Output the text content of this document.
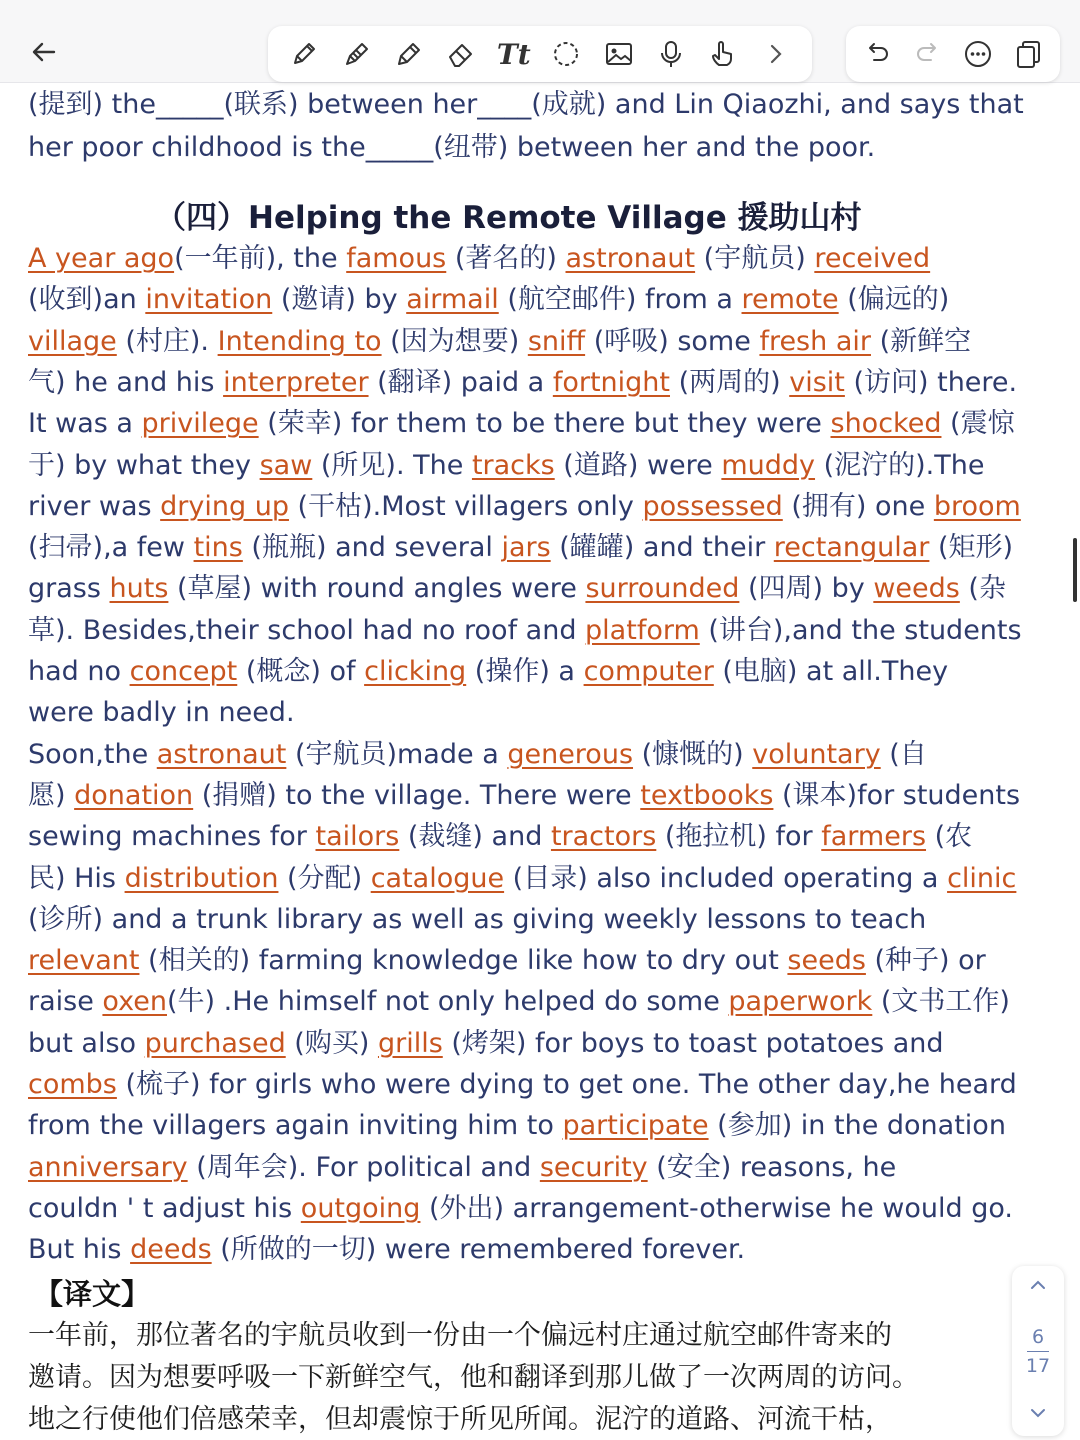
Tt
(提到) the_____(联系) between her____(成就) and Lin Qiaozhi, and says that
her poor childhood is the_____(纽带) between her and the poor.
（四）Helping the Remote Village 援助山村
A year ago(一年前), the famous (著名的) astronaut (宇航员) received
(收到)an invitation (邀请) by airmail (航空邮件) from a remote (偏远的)
village (村庄). Intending to (因为想要) sniff (呼吸) some fresh air (新鲜空
气) he and his interpreter (翻译) paid a fortnight (两周的) visit (访问) there.
It was a privilege (荣幸) for them to be there but they were shocked (震惊
于) by what they saw (所见). The tracks (道路) were muddy (泥泞的).The
river was drying up (干枯).Most villagers only possessed (拥有) one broom
(扫帚),a few tins (瓶瓶) and several jars (罐罐) and their rectangular (矩形)
grass huts (草屋) with round angles were surrounded (四周) by weeds (杂
草). Besides,their school had no roof and platform (讲台),and the students
had no concept (概念) of clicking (操作) a computer (电脑) at all.They
were badly in need.
Soon,the astronaut (宇航员)made a generous (慷慨的) voluntary (自
愿) donation (捐赠) to the village. There were textbooks (课本)for students
sewing machines for tailors (裁缝) and tractors (拖拉机) for farmers (农
民) His distribution (分配) catalogue (目录) also included operating a clinic
(诊所) and a trunk library as well as giving weekly lessons to teach
relevant (相关的) farming knowledge like how to dry out seeds (种子) or
raise oxen(牛) .He himself not only helped do some paperwork (文书工作)
but also purchased (购买) grills (烤架) for boys to toast potatoes and
combs (梳子) for girls who were dying to get one. The other day,he heard
from the villagers again inviting him to participate (参加) in the donation
anniversary (周年会). For political and security (安全) reasons, he
couldn ' t adjust his outgoing (外出) arrangement-otherwise he would go.
But his deeds (所做的一切) were remembered forever.
【译文】
一年前，那位著名的宇航员收到一份由一个偏远村庄通过航空邮件寄来的
邀请。因为想要呼吸一下新鲜空气，他和翻译到那儿做了一次两周的访问。
地之行使他们倍感荣幸，但却震惊于所见所闻。泥泞的道路、河流干枯，
6
17
